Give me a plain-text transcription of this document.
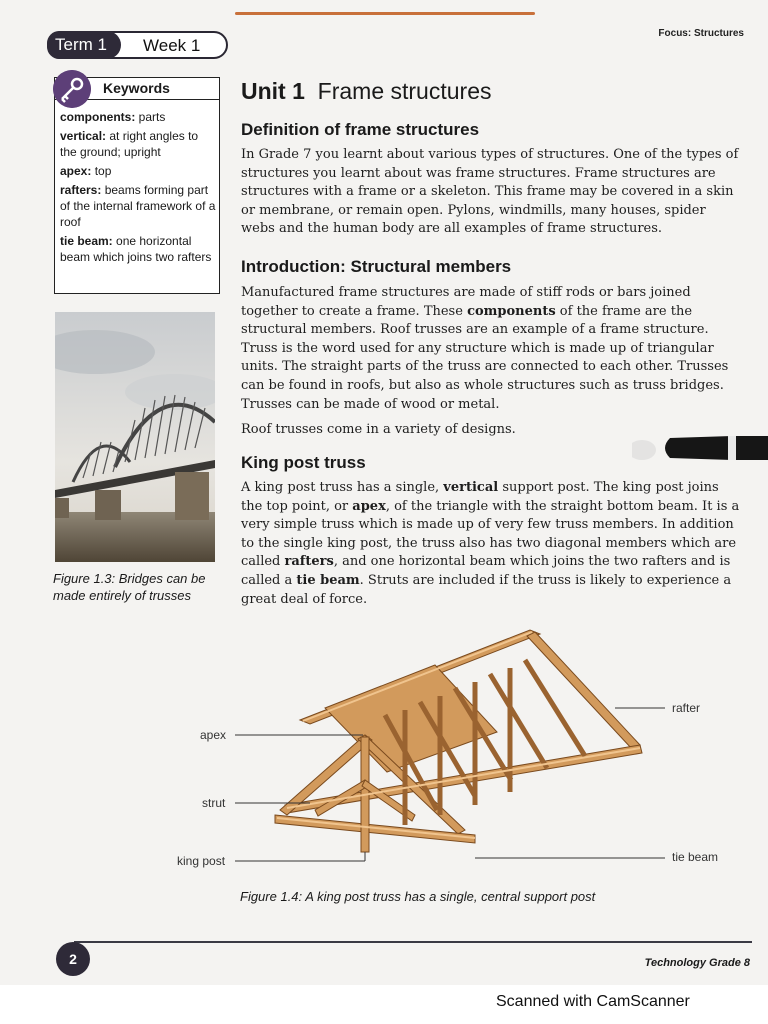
Focus: Structures
Term 1	Week 1
Keywords

components: parts

vertical: at right angles to the ground; upright

apex: top

rafters: beams forming part of the internal framework of a roof

tie beam: one horizontal beam which joins two rafters

Figure 1.3: Bridges can be made entirely of trusses
Unit 1 Frame structures
Definition of frame structures
In Grade 7 you learnt about various types of structures. One of the types of structures you learnt about was frame structures. Frame structures are structures with a frame or a skeleton. This frame may be covered in a skin or membrane, or remain open. Pylons, windmills, many houses, spider webs and the human body are all examples of frame structures.
Introduction: Structural members
Manufactured frame structures are made of stiff rods or bars joined together to create a frame. These components of the frame are the structural members. Roof trusses are an example of a frame structure. Truss is the word used for any structure which is made up of triangular units. The straight parts of the truss are connected to each other. Trusses can be found in roofs, but also as whole structures such as truss bridges. Trusses can be made of wood or metal.
Roof trusses come in a variety of designs.
King post truss
A king post truss has a single, vertical support post. The king post joins the top point, or apex, of the triangle with the straight bottom beam. It is a very simple truss which is made up of very few truss members. In addition to the single king post, the truss also has two diagonal members which are called rafters, and one horizontal beam which joins the two rafters and is called a tie beam. Struts are included if the truss is likely to experience a great deal of force.
apex
strut
king post
rafter
tie beam
Figure 1.4: A king post truss has a single, central support post
2	Technology Grade 8
Scanned with CamScanner
